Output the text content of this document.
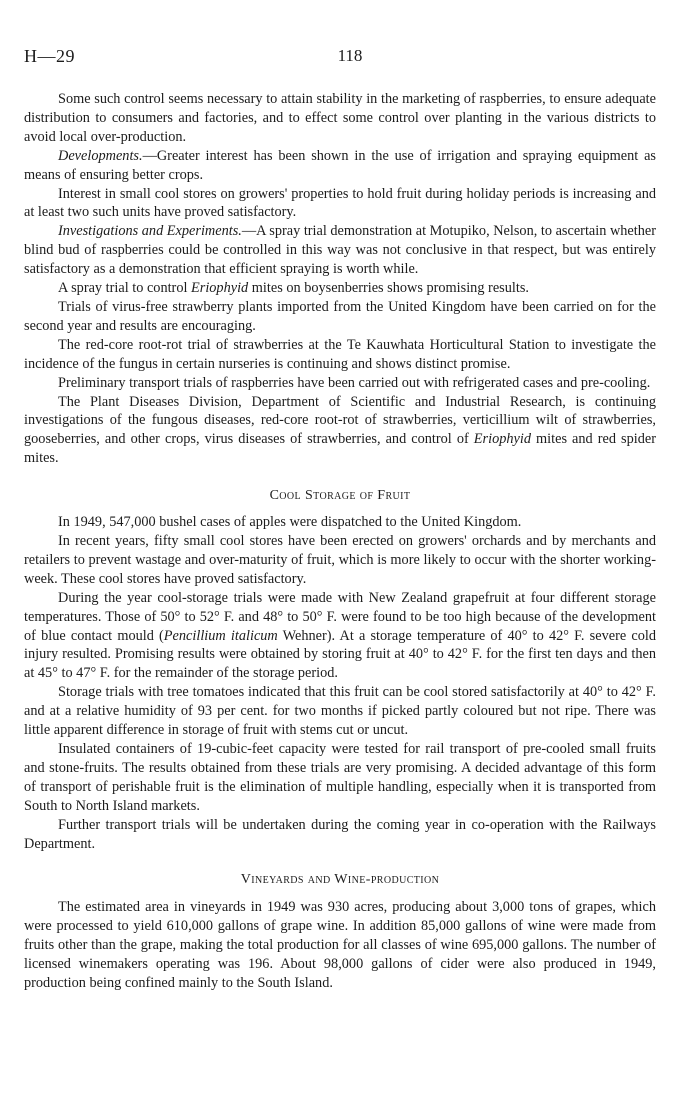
H—29	118

Some such control seems necessary to attain stability in the marketing of raspberries, to ensure adequate distribution to consumers and factories, and to effect some control over planting in the various districts to avoid local over-production.

Developments.—Greater interest has been shown in the use of irrigation and spraying equipment as means of ensuring better crops.

Interest in small cool stores on growers' properties to hold fruit during holiday periods is increasing and at least two such units have proved satisfactory.

Investigations and Experiments.—A spray trial demonstration at Motupiko, Nelson, to ascertain whether blind bud of raspberries could be controlled in this way was not conclusive in that respect, but was entirely satisfactory as a demonstration that efficient spraying is worth while.

A spray trial to control Eriophyid mites on boysenberries shows promising results.

Trials of virus-free strawberry plants imported from the United Kingdom have been carried on for the second year and results are encouraging.

The red-core root-rot trial of strawberries at the Te Kauwhata Horticultural Station to investigate the incidence of the fungus in certain nurseries is continuing and shows distinct promise.

Preliminary transport trials of raspberries have been carried out with refrigerated cases and pre-cooling.

The Plant Diseases Division, Department of Scientific and Industrial Research, is continuing investigations of the fungous diseases, red-core root-rot of strawberries, verticillium wilt of strawberries, gooseberries, and other crops, virus diseases of strawberries, and control of Eriophyid mites and red spider mites.

Cool Storage of Fruit

In 1949, 547,000 bushel cases of apples were dispatched to the United Kingdom.

In recent years, fifty small cool stores have been erected on growers' orchards and by merchants and retailers to prevent wastage and over-maturity of fruit, which is more likely to occur with the shorter working-week. These cool stores have proved satisfactory.

During the year cool-storage trials were made with New Zealand grapefruit at four different storage temperatures. Those of 50° to 52° F. and 48° to 50° F. were found to be too high because of the development of blue contact mould (Pencillium italicum Wehner). At a storage temperature of 40° to 42° F. severe cold injury resulted. Promising results were obtained by storing fruit at 40° to 42° F. for the first ten days and then at 45° to 47° F. for the remainder of the storage period.

Storage trials with tree tomatoes indicated that this fruit can be cool stored satisfactorily at 40° to 42° F. and at a relative humidity of 93 per cent. for two months if picked partly coloured but not ripe. There was little apparent difference in storage of fruit with stems cut or uncut.

Insulated containers of 19-cubic-feet capacity were tested for rail transport of pre-cooled small fruits and stone-fruits. The results obtained from these trials are very promising. A decided advantage of this form of transport of perishable fruit is the elimination of multiple handling, especially when it is transported from South to North Island markets.

Further transport trials will be undertaken during the coming year in co-operation with the Railways Department.

Vineyards and Wine-production

The estimated area in vineyards in 1949 was 930 acres, producing about 3,000 tons of grapes, which were processed to yield 610,000 gallons of grape wine. In addition 85,000 gallons of wine were made from fruits other than the grape, making the total production for all classes of wine 695,000 gallons. The number of licensed winemakers operating was 196. About 98,000 gallons of cider were also produced in 1949, production being confined mainly to the South Island.
